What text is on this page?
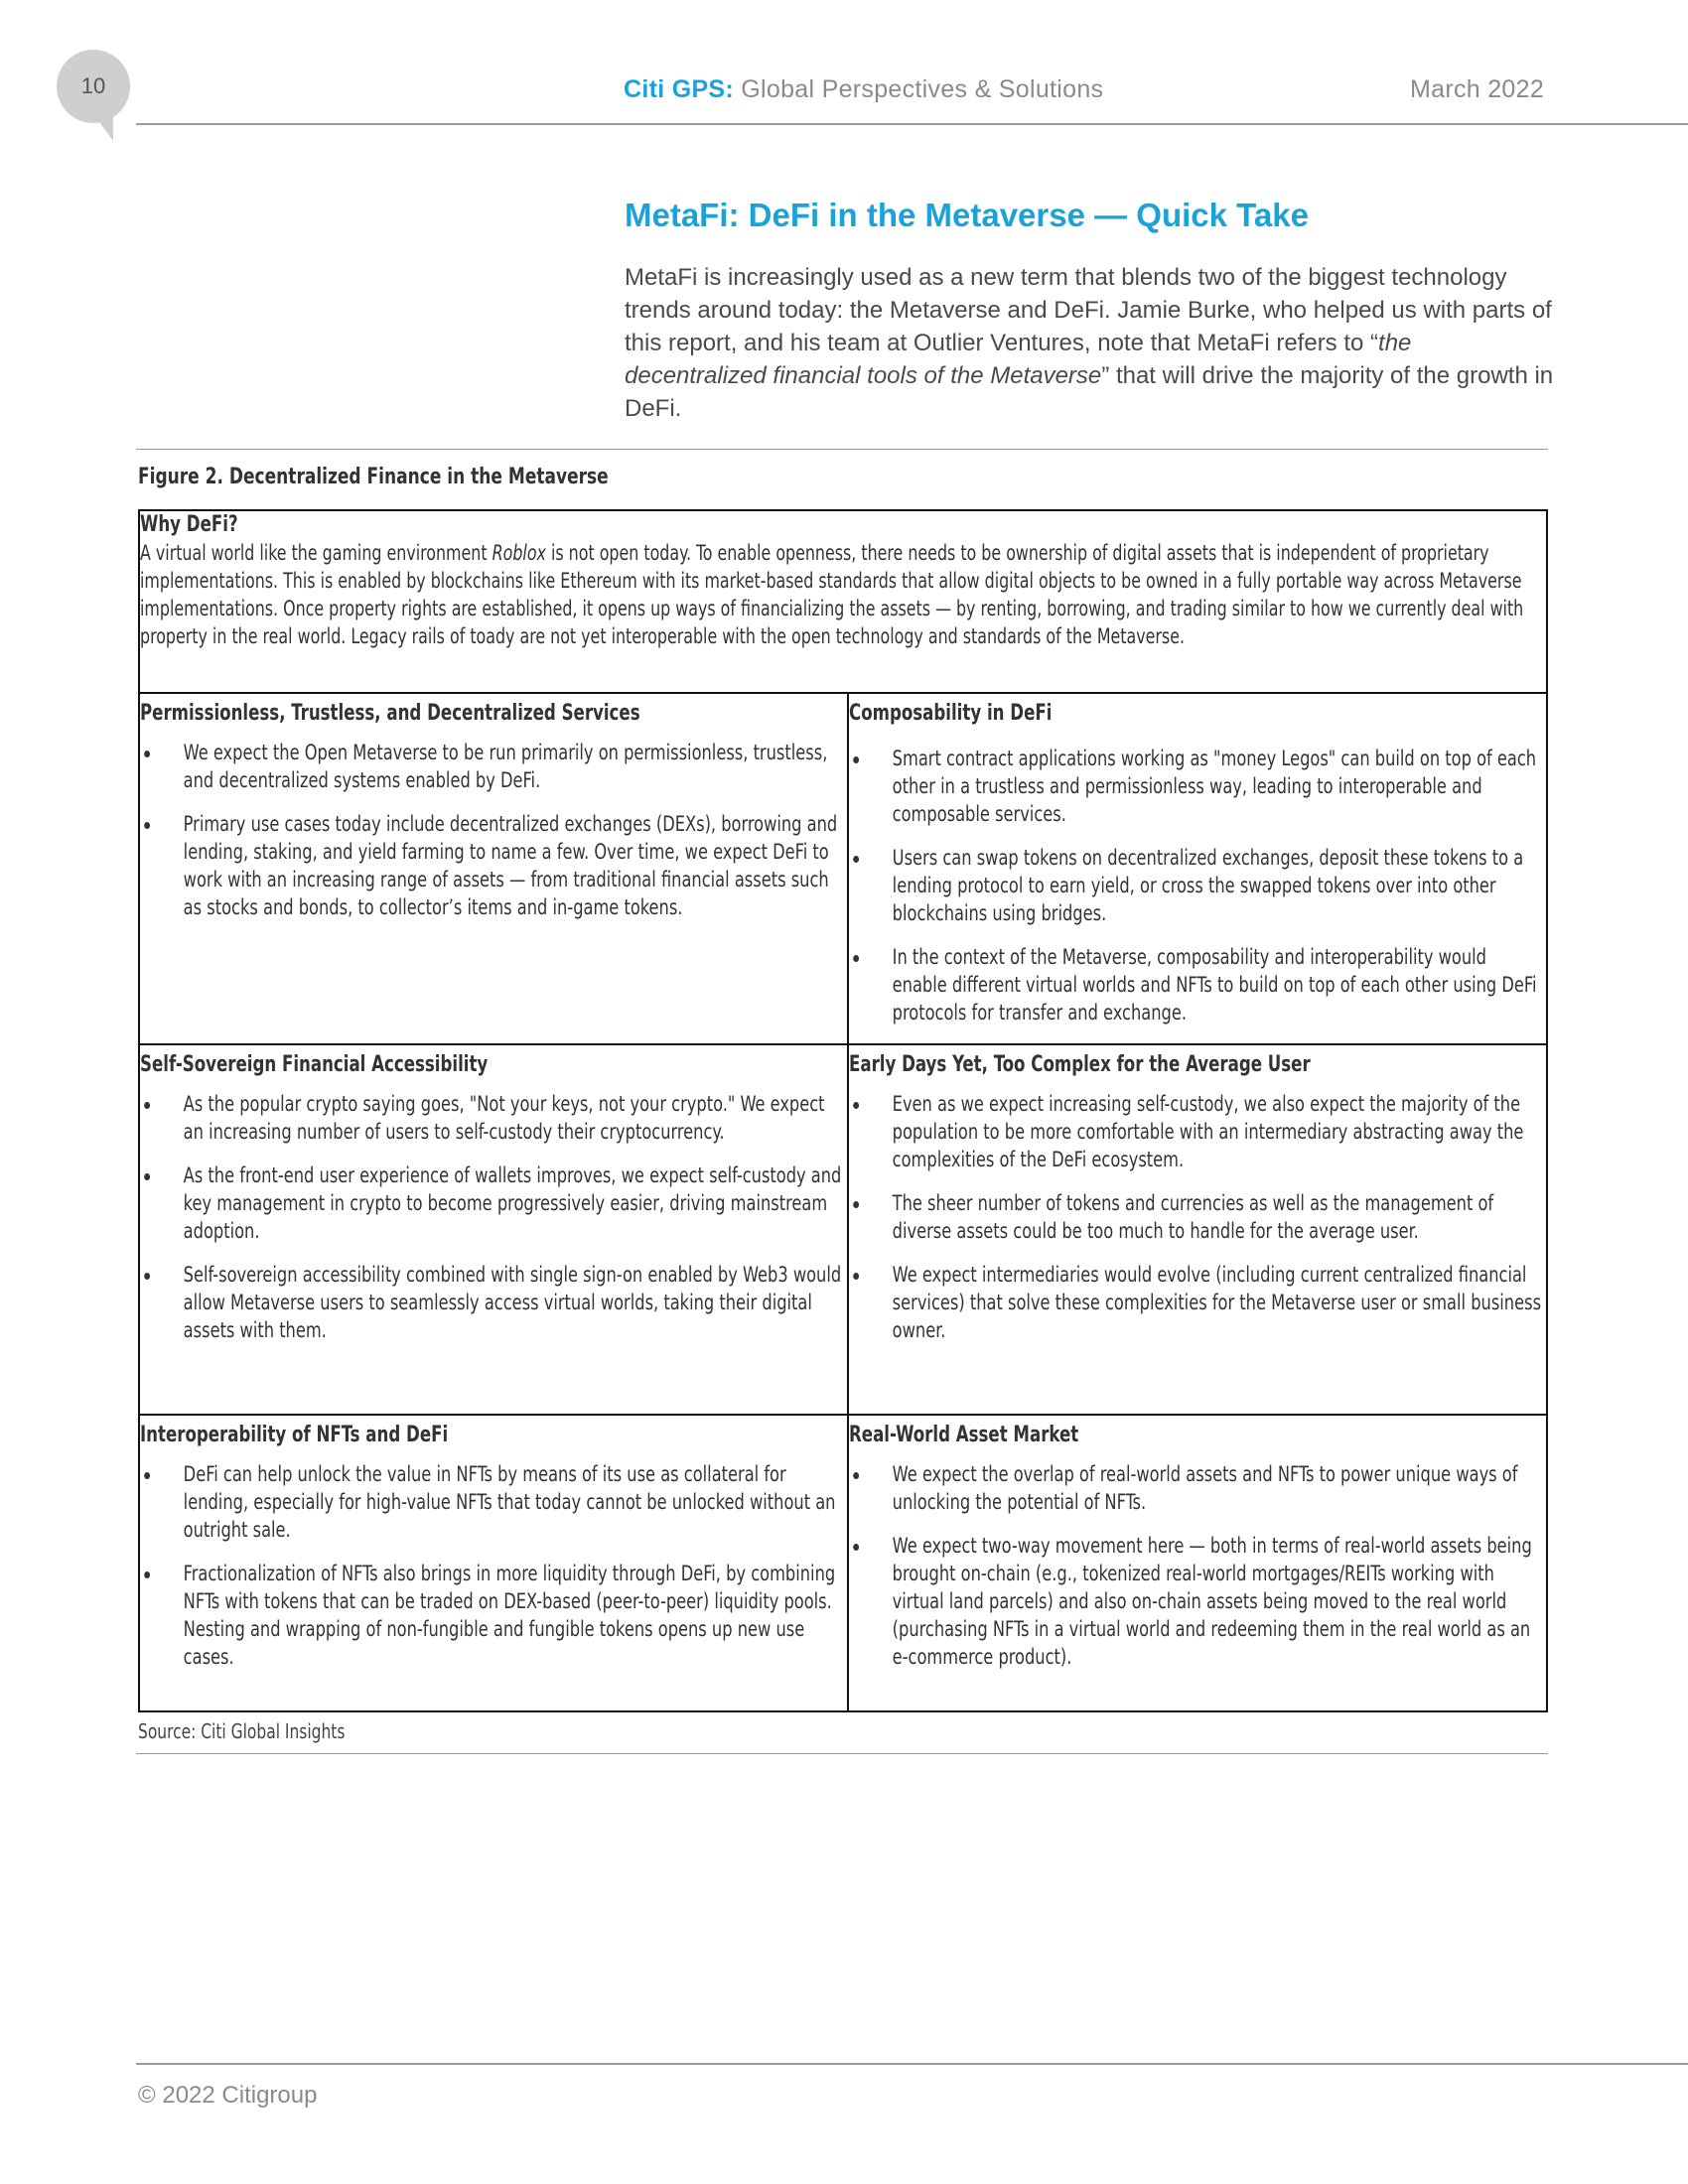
10	Citi GPS: Global Perspectives & Solutions	March 2022
MetaFi: DeFi in the Metaverse — Quick Take
MetaFi is increasingly used as a new term that blends two of the biggest technology trends around today: the Metaverse and DeFi. Jamie Burke, who helped us with parts of this report, and his team at Outlier Ventures, note that MetaFi refers to “the decentralized financial tools of the Metaverse” that will drive the majority of the growth in DeFi.
Figure 2. Decentralized Finance in the Metaverse
Why DeFi?
A virtual world like the gaming environment Roblox is not open today. To enable openness, there needs to be ownership of digital assets that is independent of proprietary implementations. This is enabled by blockchains like Ethereum with its market-based standards that allow digital objects to be owned in a fully portable way across Metaverse implementations. Once property rights are established, it opens up ways of financializing the assets — by renting, borrowing, and trading similar to how we currently deal with property in the real world. Legacy rails of toady are not yet interoperable with the open technology and standards of the Metaverse.
Permissionless, Trustless, and Decentralized Services
We expect the Open Metaverse to be run primarily on permissionless, trustless, and decentralized systems enabled by DeFi.
Primary use cases today include decentralized exchanges (DEXs), borrowing and lending, staking, and yield farming to name a few. Over time, we expect DeFi to work with an increasing range of assets — from traditional financial assets such as stocks and bonds, to collector’s items and in-game tokens.
Composability in DeFi
Smart contract applications working as "money Legos" can build on top of each other in a trustless and permissionless way, leading to interoperable and composable services.
Users can swap tokens on decentralized exchanges, deposit these tokens to a lending protocol to earn yield, or cross the swapped tokens over into other blockchains using bridges.
In the context of the Metaverse, composability and interoperability would enable different virtual worlds and NFTs to build on top of each other using DeFi protocols for transfer and exchange.
Self-Sovereign Financial Accessibility
As the popular crypto saying goes, "Not your keys, not your crypto." We expect an increasing number of users to self-custody their cryptocurrency.
As the front-end user experience of wallets improves, we expect self-custody and key management in crypto to become progressively easier, driving mainstream adoption.
Self-sovereign accessibility combined with single sign-on enabled by Web3 would allow Metaverse users to seamlessly access virtual worlds, taking their digital assets with them.
Early Days Yet, Too Complex for the Average User
Even as we expect increasing self-custody, we also expect the majority of the population to be more comfortable with an intermediary abstracting away the complexities of the DeFi ecosystem.
The sheer number of tokens and currencies as well as the management of diverse assets could be too much to handle for the average user.
We expect intermediaries would evolve (including current centralized financial services) that solve these complexities for the Metaverse user or small business owner.
Interoperability of NFTs and DeFi
DeFi can help unlock the value in NFTs by means of its use as collateral for lending, especially for high-value NFTs that today cannot be unlocked without an outright sale.
Fractionalization of NFTs also brings in more liquidity through DeFi, by combining NFTs with tokens that can be traded on DEX-based (peer-to-peer) liquidity pools. Nesting and wrapping of non-fungible and fungible tokens opens up new use cases.
Real-World Asset Market
We expect the overlap of real-world assets and NFTs to power unique ways of unlocking the potential of NFTs.
We expect two-way movement here — both in terms of real-world assets being brought on-chain (e.g., tokenized real-world mortgages/REITs working with virtual land parcels) and also on-chain assets being moved to the real world (purchasing NFTs in a virtual world and redeeming them in the real world as an e-commerce product).
Source: Citi Global Insights
© 2022 Citigroup
